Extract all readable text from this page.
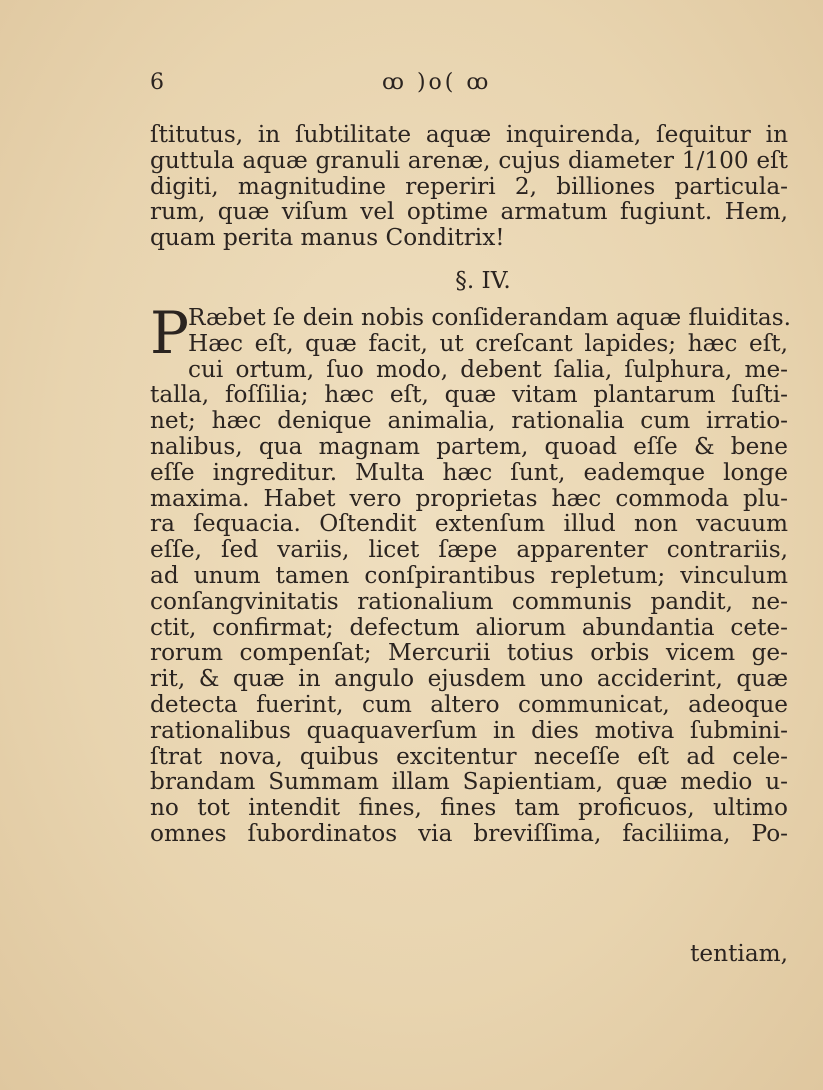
6	ꝏ )o( ꝏ
ſtitutus, in ſubtilitate aquæ inquirenda, ſequitur in
guttula aquæ granuli arenæ, cujus diameter 1/100 eſt
digiti, magnitudine reperiri 2, billiones particula-
rum, quæ viſum vel optime armatum fugiunt. Hem,
quam perita manus Conditrix!
§. IV.
P
Ræbet ſe dein nobis conſiderandam aquæ fluiditas.
Hæc eſt, quæ facit, ut creſcant lapides; hæc eſt,
cui ortum, ſuo modo, debent ſalia, ſulphura, me-
talla, foſſilia; hæc eſt, quæ vitam plantarum ſuſti-
net; hæc denique animalia, rationalia cum irratio-
nalibus, qua magnam partem, quoad eſſe & bene
eſſe ingreditur. Multa hæc ſunt, eademque longe
maxima. Habet vero proprietas hæc commoda plu-
ra ſequacia. Oſtendit extenſum illud non vacuum
eſſe, ſed variis, licet ſæpe apparenter contrariis,
ad unum tamen conſpirantibus repletum; vinculum
conſangvinitatis rationalium communis pandit, ne-
ctit, confirmat; defectum aliorum abundantia cete-
rorum compenſat; Mercurii totius orbis vicem ge-
rit, & quæ in angulo ejusdem uno acciderint, quæ
detecta fuerint, cum altero communicat, adeoque
rationalibus quaquaverſum in dies motiva ſubmini-
ſtrat nova, quibus excitentur neceſſe eſt ad cele-
brandam Summam illam Sapientiam, quæ medio u-
no tot intendit fines, fines tam proficuos, ultimo
omnes ſubordinatos via breviſſima, faciliima, Po-
tentiam,
